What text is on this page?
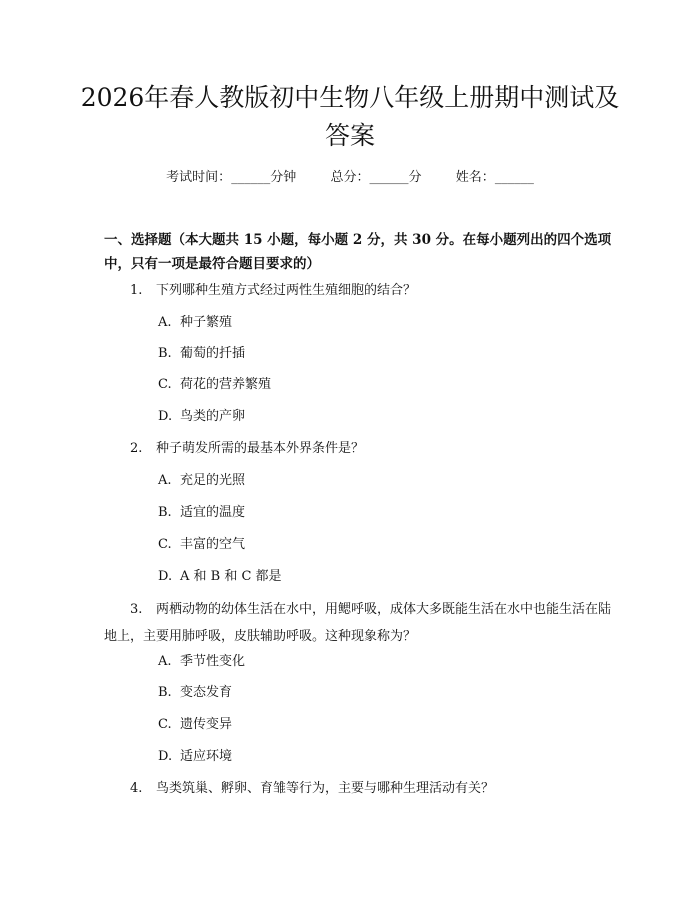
2026年春人教版初中生物八年级上册期中测试及答案
考试时间：______分钟	总分：______分	姓名：______

一、选择题（本大题共 15 小题，每小题 2 分，共 30 分。在每小题列出的四个选项中，只有一项是最符合题目要求的）

1. 下列哪种生殖方式经过两性生殖细胞的结合？
A. 种子繁殖
B. 葡萄的扦插
C. 荷花的营养繁殖
D. 鸟类的产卵
2. 种子萌发所需的最基本外界条件是？
A. 充足的光照
B. 适宜的温度
C. 丰富的空气
D. A 和 B 和 C 都是
3. 两栖动物的幼体生活在水中，用鳃呼吸，成体大多既能生活在水中也能生活在陆地上，主要用肺呼吸，皮肤辅助呼吸。这种现象称为？
A. 季节性变化
B. 变态发育
C. 遗传变异
D. 适应环境
4. 鸟类筑巢、孵卵、育雏等行为，主要与哪种生理活动有关？
